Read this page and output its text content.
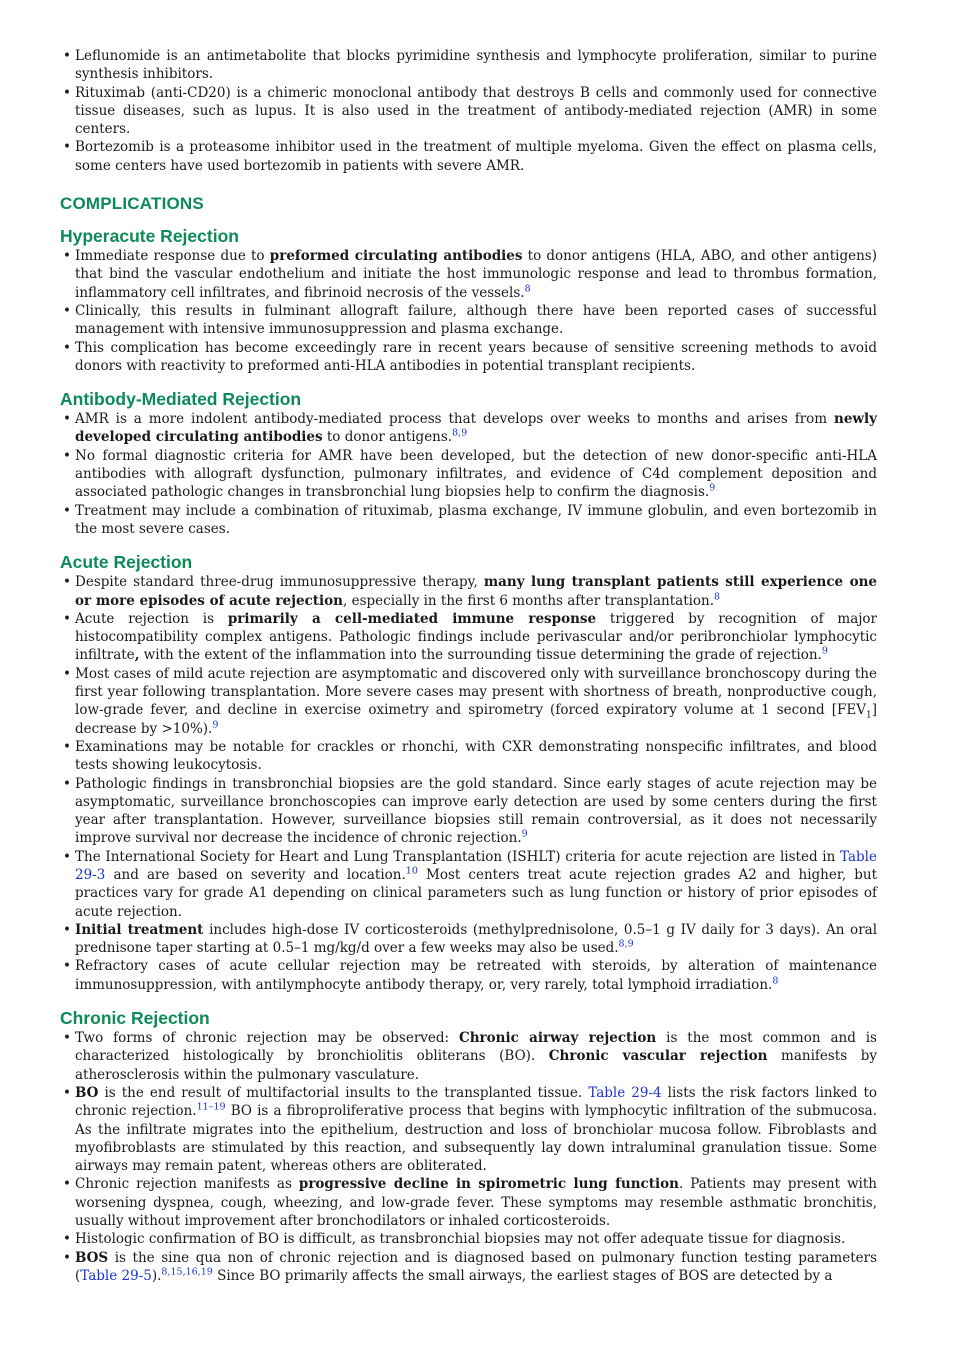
• Leflunomide is an antimetabolite that blocks pyrimidine synthesis and lymphocyte proliferation, similar to purine synthesis inhibitors.
• Rituximab (anti-CD20) is a chimeric monoclonal antibody that destroys B cells and commonly used for connective tissue diseases, such as lupus. It is also used in the treatment of antibody-mediated rejection (AMR) in some centers.
• Bortezomib is a proteasome inhibitor used in the treatment of multiple myeloma. Given the effect on plasma cells, some centers have used bortezomib in patients with severe AMR.
COMPLICATIONS
Hyperacute Rejection
• Immediate response due to preformed circulating antibodies to donor antigens (HLA, ABO, and other antigens) that bind the vascular endothelium and initiate the host immunologic response and lead to thrombus formation, inflammatory cell infiltrates, and fibrinoid necrosis of the vessels.$^8$
• Clinically, this results in fulminant allograft failure, although there have been reported cases of successful management with intensive immunosuppression and plasma exchange.
• This complication has become exceedingly rare in recent years because of sensitive screening methods to avoid donors with reactivity to preformed anti-HLA antibodies in potential transplant recipients.
Antibody-Mediated Rejection
• AMR is a more indolent antibody-mediated process that develops over weeks to months and arises from newly developed circulating antibodies to donor antigens.$^{8,9}$
• No formal diagnostic criteria for AMR have been developed, but the detection of new donor-specific anti-HLA antibodies with allograft dysfunction, pulmonary infiltrates, and evidence of C4d complement deposition and associated pathologic changes in transbronchial lung biopsies help to confirm the diagnosis.$^9$
• Treatment may include a combination of rituximab, plasma exchange, IV immune globulin, and even bortezomib in the most severe cases.
Acute Rejection
• Despite standard three-drug immunosuppressive therapy, many lung transplant patients still experience one or more episodes of acute rejection, especially in the first 6 months after transplantation.$^8$
• Acute rejection is primarily a cell-mediated immune response triggered by recognition of major histocompatibility complex antigens. Pathologic findings include perivascular and/or peribronchiolar lymphocytic infiltrate, with the extent of the inflammation into the surrounding tissue determining the grade of rejection.$^9$
• Most cases of mild acute rejection are asymptomatic and discovered only with surveillance bronchoscopy during the first year following transplantation. More severe cases may present with shortness of breath, nonproductive cough, low-grade fever, and decline in exercise oximetry and spirometry (forced expiratory volume at 1 second $[FEV_1]$ decrease by >10%).$^9$
• Examinations may be notable for crackles or rhonchi, with CXR demonstrating nonspecific infiltrates, and blood tests showing leukocytosis.
• Pathologic findings in transbronchial biopsies are the gold standard. Since early stages of acute rejection may be asymptomatic, surveillance bronchoscopies can improve early detection are used by some centers during the first year after transplantation. However, surveillance biopsies still remain controversial, as it does not necessarily improve survival nor decrease the incidence of chronic rejection.$^9$
• The International Society for Heart and Lung Transplantation (ISHLT) criteria for acute rejection are listed in Table 29-3 and are based on severity and location.$^{10}$ Most centers treat acute rejection grades A2 and higher, but practices vary for grade A1 depending on clinical parameters such as lung function or history of prior episodes of acute rejection.
• Initial treatment includes high-dose IV corticosteroids (methylprednisolone, 0.5–1 g IV daily for 3 days). An oral prednisone taper starting at 0.5–1 mg/kg/d over a few weeks may also be used.$^{8,9}$
• Refractory cases of acute cellular rejection may be retreated with steroids, by alteration of maintenance immunosuppression, with antilymphocyte antibody therapy, or, very rarely, total lymphoid irradiation.$^8$
Chronic Rejection
• Two forms of chronic rejection may be observed: Chronic airway rejection is the most common and is characterized histologically by bronchiolitis obliterans (BO). Chronic vascular rejection manifests by atherosclerosis within the pulmonary vasculature.
• BO is the end result of multifactorial insults to the transplanted tissue. Table 29-4 lists the risk factors linked to chronic rejection.$^{11-19}$ BO is a fibroproliferative process that begins with lymphocytic infiltration of the submucosa. As the infiltrate migrates into the epithelium, destruction and loss of bronchiolar mucosa follow. Fibroblasts and myofibroblasts are stimulated by this reaction, and subsequently lay down intraluminal granulation tissue. Some airways may remain patent, whereas others are obliterated.
• Chronic rejection manifests as progressive decline in spirometric lung function. Patients may present with worsening dyspnea, cough, wheezing, and low-grade fever. These symptoms may resemble asthmatic bronchitis, usually without improvement after bronchodilators or inhaled corticosteroids.
• Histologic confirmation of BO is difficult, as transbronchial biopsies may not offer adequate tissue for diagnosis.
• BOS is the sine qua non of chronic rejection and is diagnosed based on pulmonary function testing parameters (Table 29-5).$^{8,15,16,19}$ Since BO primarily affects the small airways, the earliest stages of BOS are detected by a
